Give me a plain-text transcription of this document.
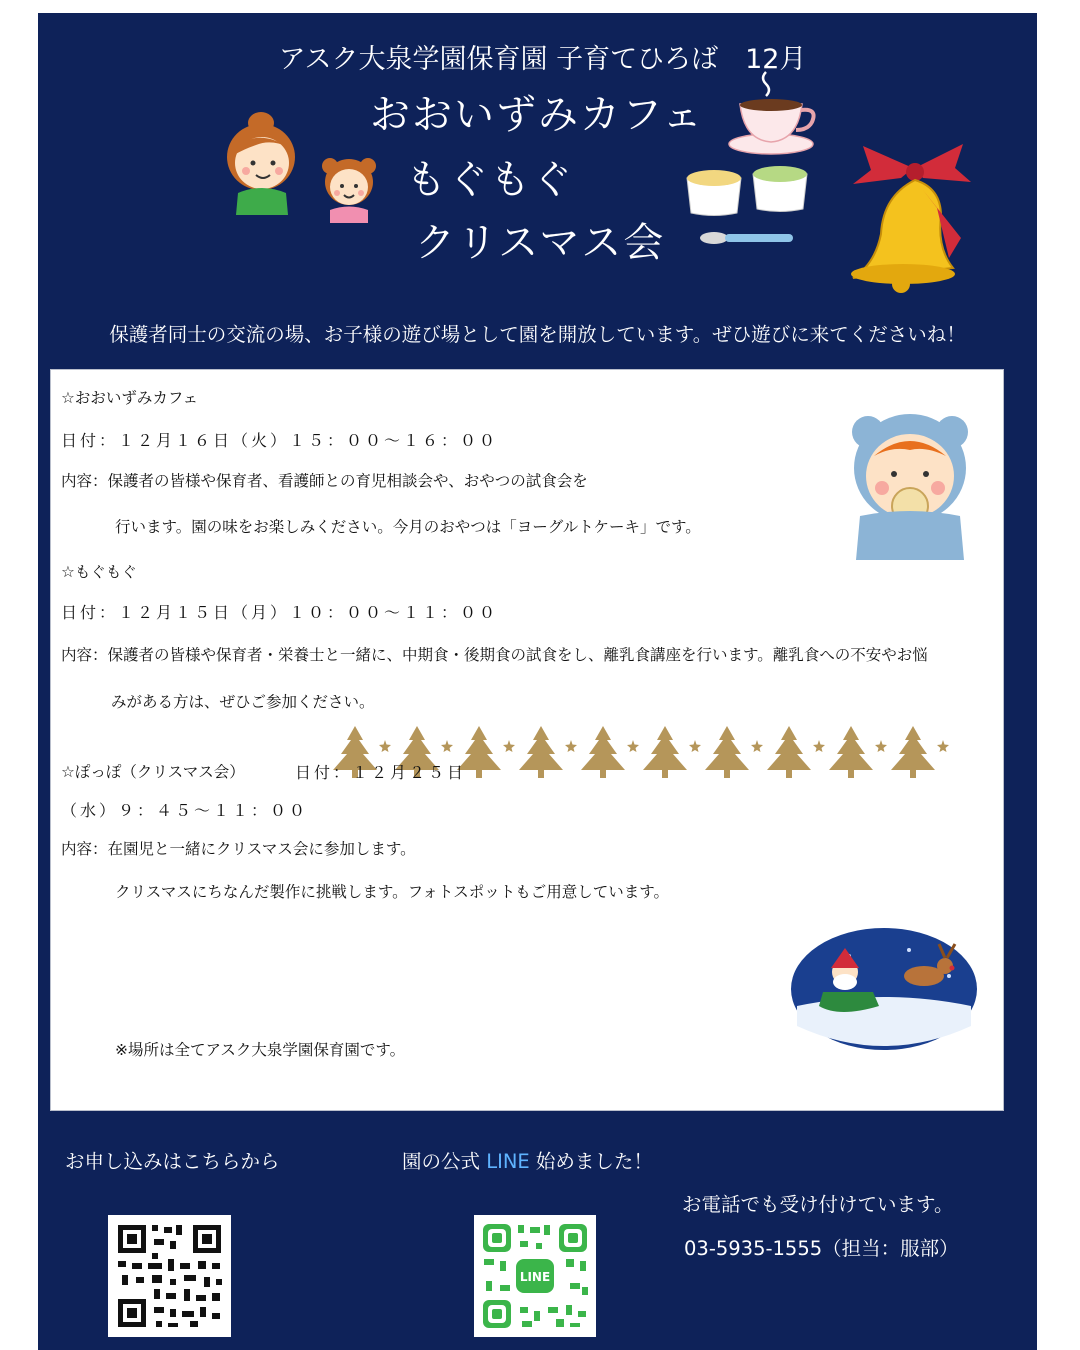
アスク大泉学園保育園 子育てひろば　12月
おおいずみカフェ
もぐもぐ
クリスマス会
保護者同士の交流の場、お子様の遊び場として園を開放しています。ぜひ遊びに来てくださいね！
☆おおいずみカフェ
日付：１２月１６日（火）１５：００～１６：００
内容：保護者の皆様や保育者、看護師との育児相談会や、おやつの試食会を
行います。園の味をお楽しみください。今月のおやつは「ヨーグルトケーキ」です。
☆もぐもぐ
日付：１２月１５日（月）１０：００～１１：００
内容：保護者の皆様や保育者・栄養士と一緒に、中期食・後期食の試食をし、離乳食講座を行います。離乳食への不安やお悩
みがある方は、ぜひご参加ください。
☆ぽっぽ（クリスマス会）	日付：１２月２５日
（水）９：４５～１１：００
内容：在園児と一緒にクリスマス会に参加します。
クリスマスにちなんだ製作に挑戦します。フォトスポットもご用意しています。
※場所は全てアスク大泉学園保育園です。
お申し込みはこちらから	園の公式 LINE 始めました！
お電話でも受け付けています。
03-5935-1555（担当：服部）
LINE
